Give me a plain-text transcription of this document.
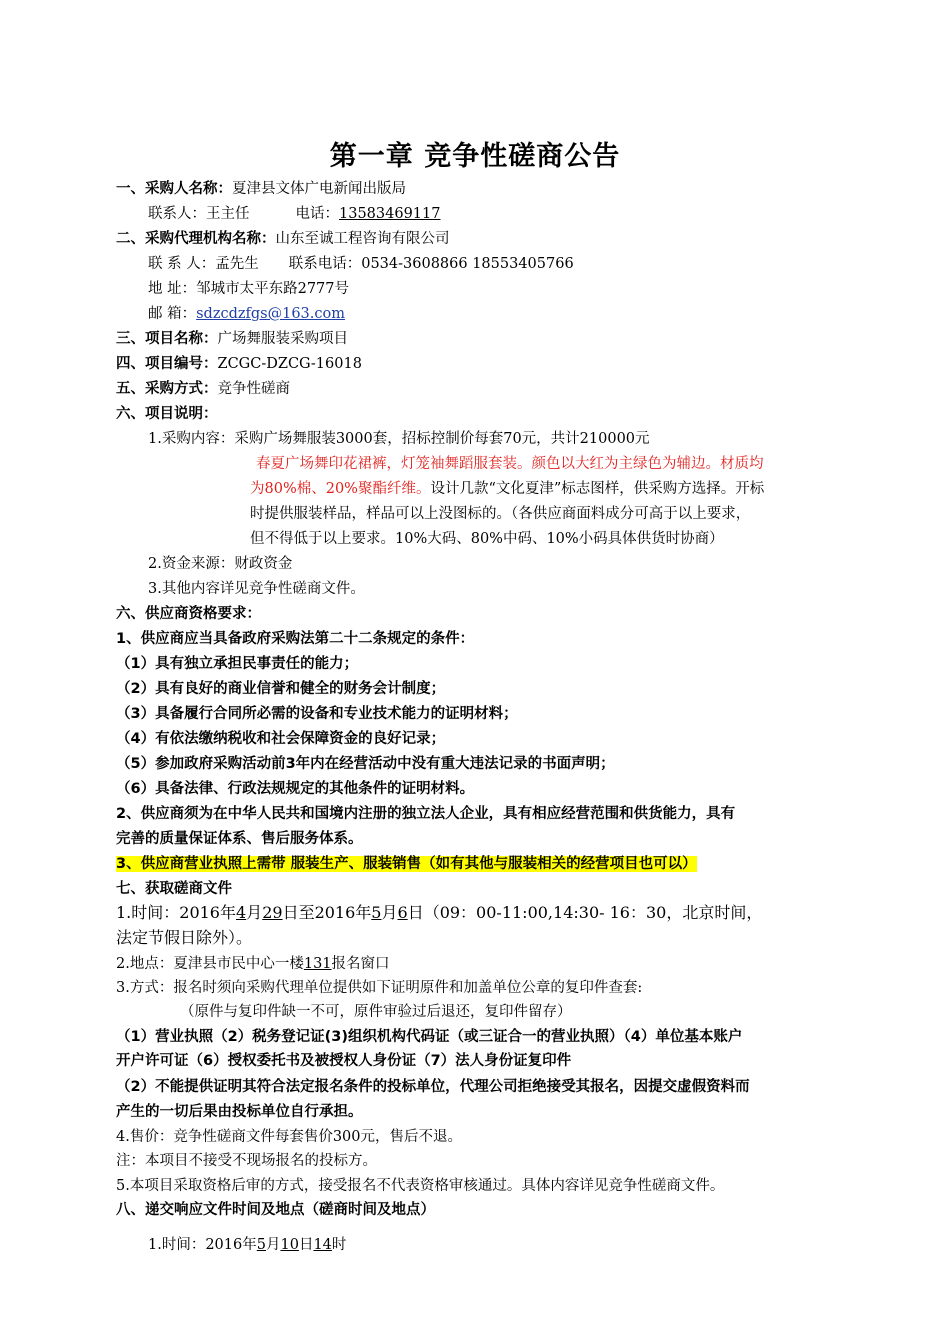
第一章 竞争性磋商公告
一、采购人名称：夏津县文体广电新闻出版局
联系人：王主任	电话：13583469117
二、采购代理机构名称：山东至诚工程咨询有限公司
联 系 人：孟先生 联系电话：0534-3608866 18553405766
地 址：邹城市太平东路2777号
邮 箱：sdzcdzfgs@163.com
三、项目名称：广场舞服装采购项目
四、项目编号：ZCGC-DZCG-16018
五、采购方式：竞争性磋商
六、项目说明：
1.采购内容：采购广场舞服装3000套，招标控制价每套70元，共计210000元
春夏广场舞印花裙裤，灯笼袖舞蹈服套装。颜色以大红为主绿色为辅边。材质均
为80%棉、20%聚酯纤维。设计几款“文化夏津”标志图样，供采购方选择。开标
时提供服装样品，样品可以上没图标的。（各供应商面料成分可高于以上要求，
但不得低于以上要求。10%大码、80%中码、10%小码具体供货时协商）
2.资金来源：财政资金
3.其他内容详见竞争性磋商文件。
六、供应商资格要求：
1、供应商应当具备政府采购法第二十二条规定的条件：
（1）具有独立承担民事责任的能力；
（2）具有良好的商业信誉和健全的财务会计制度；
（3）具备履行合同所必需的设备和专业技术能力的证明材料；
（4）有依法缴纳税收和社会保障资金的良好记录；
（5）参加政府采购活动前3年内在经营活动中没有重大违法记录的书面声明；
（6）具备法律、行政法规规定的其他条件的证明材料。
2、供应商须为在中华人民共和国境内注册的独立法人企业，具有相应经营范围和供货能力，具有
完善的质量保证体系、售后服务体系。
3、供应商营业执照上需带 服装生产、服装销售（如有其他与服装相关的经营项目也可以）
七、获取磋商文件
1.时间：2016年4月29日至2016年5月6日（09：00-11:00,14:30- 16：30，北京时间，
法定节假日除外）。
2.地点：夏津县市民中心一楼131报名窗口
3.方式：报名时须向采购代理单位提供如下证明原件和加盖单位公章的复印件查套:
（原件与复印件缺一不可，原件审验过后退还，复印件留存）
（1）营业执照（2）税务登记证(3)组织机构代码证（或三证合一的营业执照）（4）单位基本账户
开户许可证（6）授权委托书及被授权人身份证（7）法人身份证复印件
（2）不能提供证明其符合法定报名条件的投标单位，代理公司拒绝接受其报名，因提交虚假资料而
产生的一切后果由投标单位自行承担。
4.售价：竞争性磋商文件每套售价300元，售后不退。
注：本项目不接受不现场报名的投标方。
5.本项目采取资格后审的方式，接受报名不代表资格审核通过。具体内容详见竞争性磋商文件。
八、递交响应文件时间及地点（磋商时间及地点）
1.时间：2016年5月10日14时
